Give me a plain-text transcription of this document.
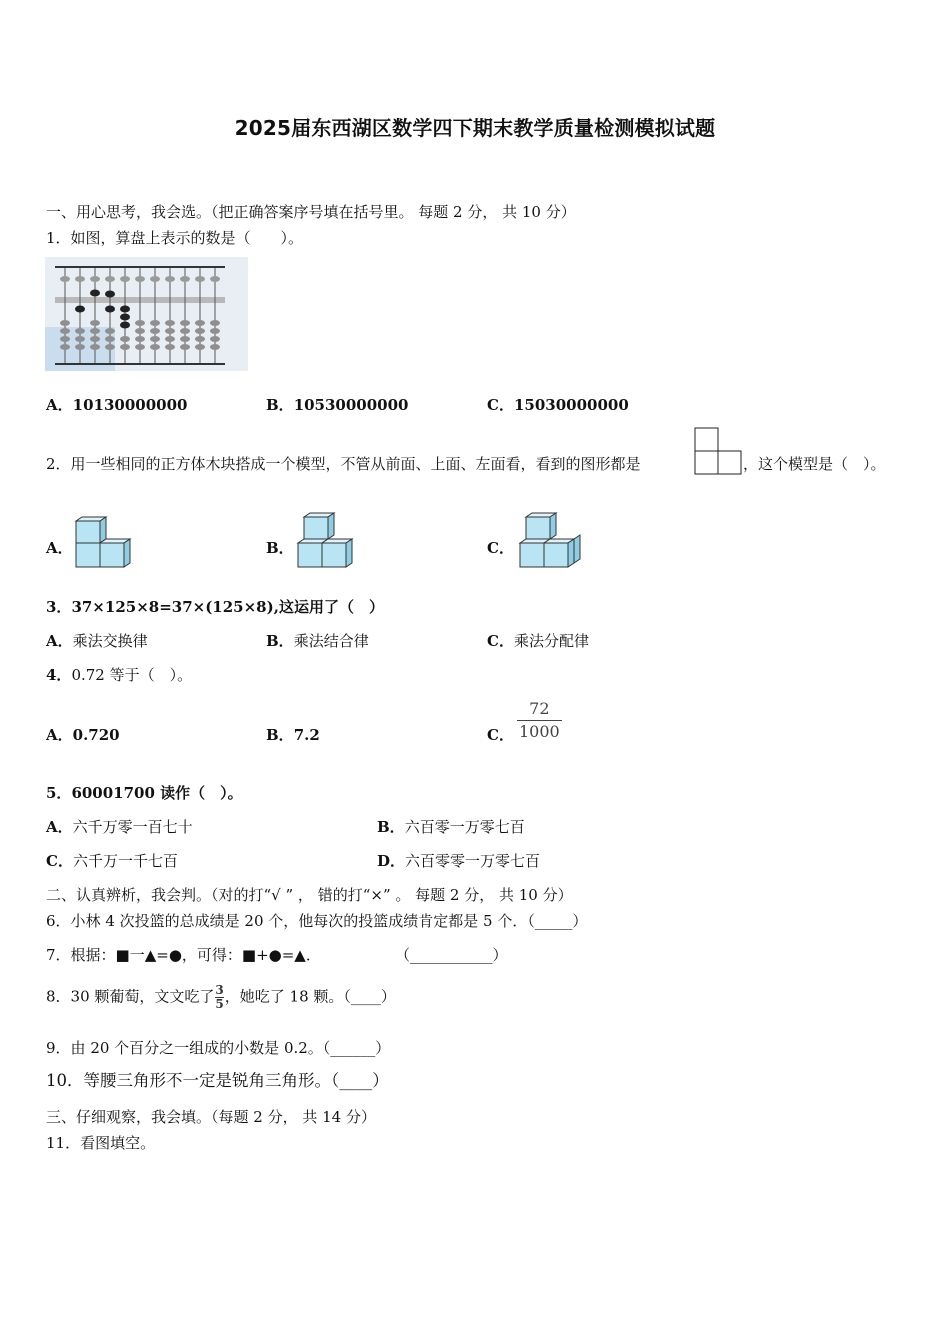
2025届东西湖区数学四下期末教学质量检测模拟试题
一、用心思考，我会选。（把正确答案序号填在括号里。 每题 2 分， 共 10 分）
1．如图，算盘上表示的数是（　　）。
A．10130000000	B．10530000000	C．15030000000
2．用一些相同的正方体木块搭成一个模型，不管从前面、上面、左面看，看到的图形都是	，这个模型是（　）。
A．	B．	C．
3．37×125×8=37×(125×8),这运用了（　）
A．乘法交换律	B．乘法结合律	C．乘法分配律
4．0.72 等于（　）。
A．0.720	B．7.2	C． $\frac{72}{1000}$
5．60001700 读作（　）。
A．六千万零一百七十	B．六百零一万零七百
C．六千万一千七百	D．六百零零一万零七百
二、认真辨析，我会判。（对的打“√ ” ， 错的打“×” 。 每题 2 分， 共 10 分）
6．小林 4 次投篮的总成绩是 20 个，他每次的投篮成绩肯定都是 5 个．（_____）
7．根据：■一▲=●，可得：■+●=▲．	（___________）
8．30 颗葡萄，文文吃了 $\frac{3}{5}$ ，她吃了 18 颗。（____）
9．由 20 个百分之一组成的小数是 0.2。（______）
10．等腰三角形不一定是锐角三角形。（____）
三、仔细观察，我会填。（每题 2 分， 共 14 分）
11．看图填空。
